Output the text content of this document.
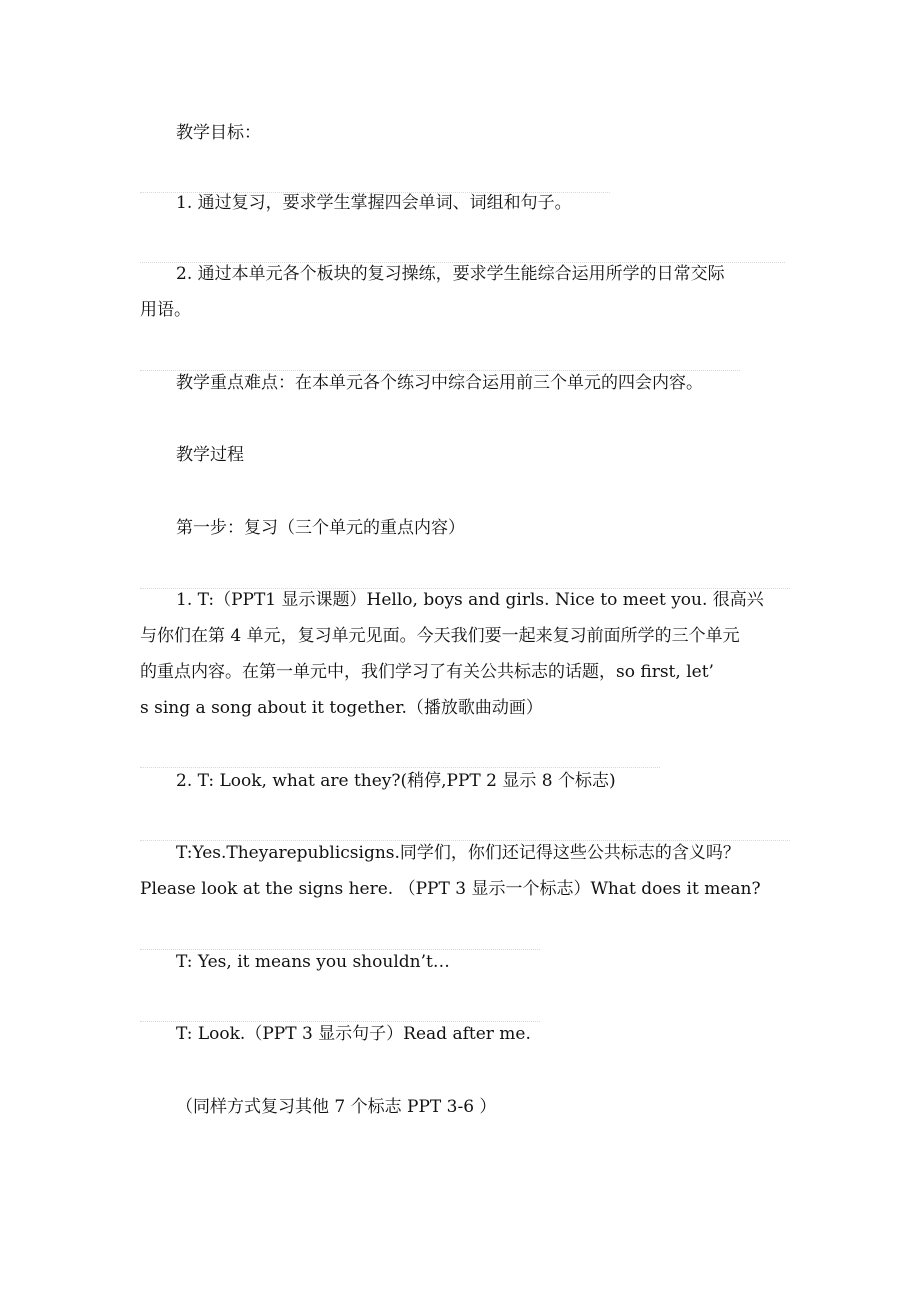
教学目标：
1. 通过复习，要求学生掌握四会单词、词组和句子。
2. 通过本单元各个板块的复习操练，要求学生能综合运用所学的日常交际
用语。
教学重点难点：在本单元各个练习中综合运用前三个单元的四会内容。
教学过程
第一步：复习（三个单元的重点内容）
1. T:（PPT1 显示课题）Hello, boys and girls. Nice to meet you. 很高兴
与你们在第 4 单元，复习单元见面。今天我们要一起来复习前面所学的三个单元
的重点内容。在第一单元中，我们学习了有关公共标志的话题，so first, let’
s sing a song about it together.（播放歌曲动画）
2. T: Look, what are they?(稍停,PPT 2 显示 8 个标志)
T:Yes.Theyarepublicsigns.同学们，你们还记得这些公共标志的含义吗？
Please look at the signs here. （PPT 3 显示一个标志）What does it mean?
T: Yes, it means you shouldn’t…
T: Look.（PPT 3 显示句子）Read after me.
（同样方式复习其他 7 个标志 PPT 3-6 ）
